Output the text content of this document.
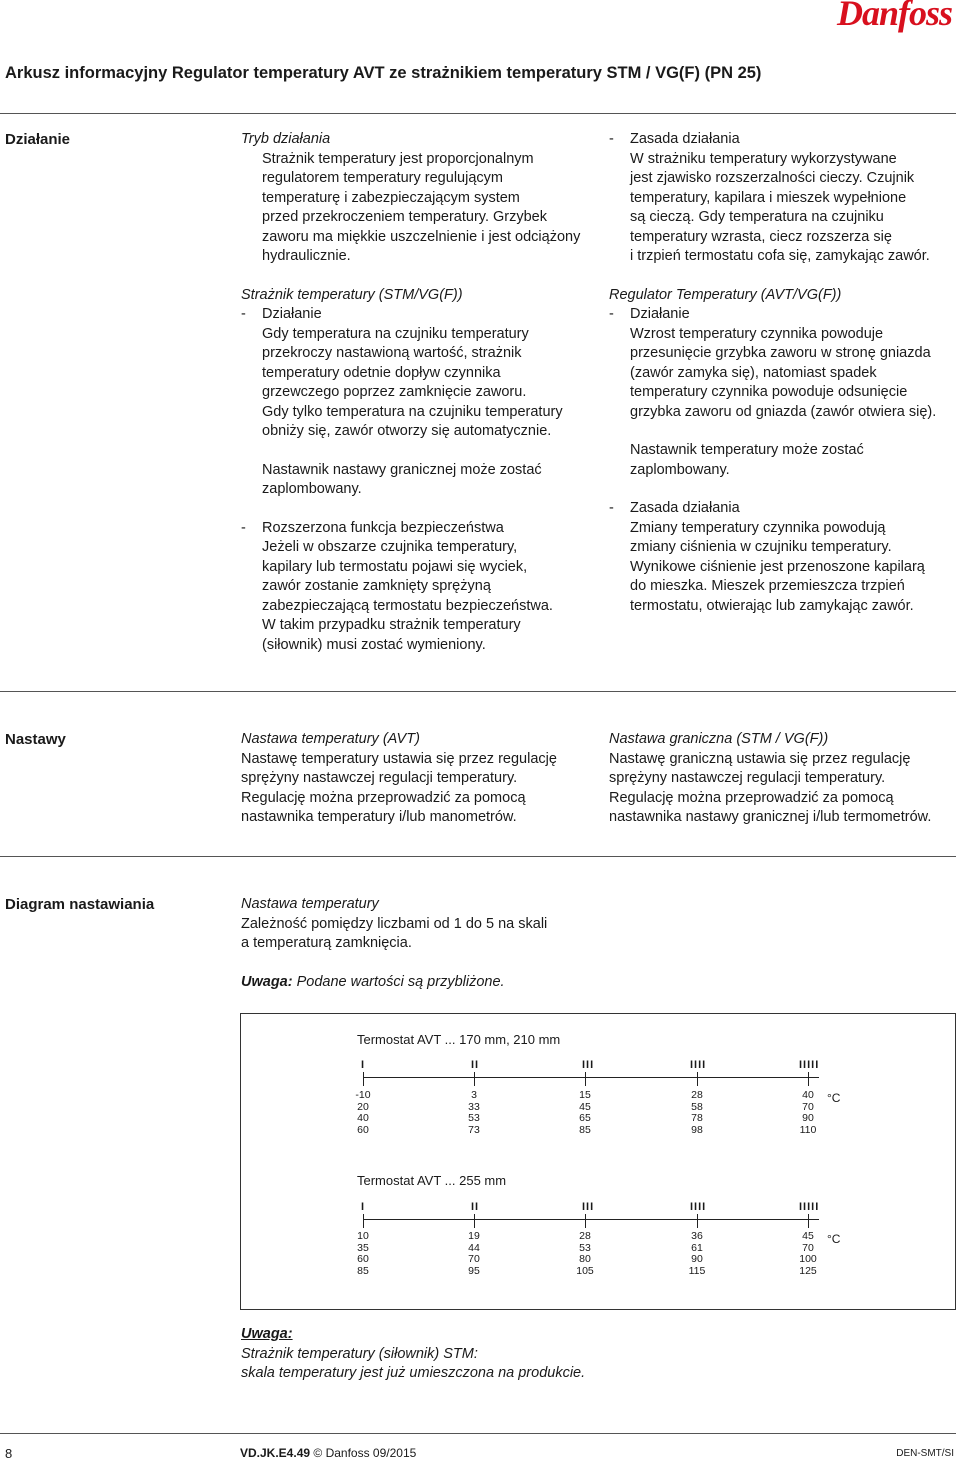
Danfoss
Arkusz informacyjny Regulator temperatury AVT ze strażnikiem temperatury STM / VG(F) (PN 25)
Działanie	Tryb działania

Strażnik temperatury jest proporcjonalnym

regulatorem temperatury regulującym

temperaturę i zabezpieczającym system

przed przekroczeniem temperatury. Grzybek

zaworu ma miękkie uszczelnienie i jest odciążony

hydraulicznie.

Strażnik temperatury (STM/VG(F))

- Działanie

Gdy temperatura na czujniku temperatury

przekroczy nastawioną wartość, strażnik

temperatury odetnie dopływ czynnika

grzewczego poprzez zamknięcie zaworu.

Gdy tylko temperatura na czujniku temperatury

obniży się, zawór otworzy się automatycznie.

Nastawnik nastawy granicznej może zostać

zaplombowany.

- Rozszerzona funkcja bezpieczeństwa

Jeżeli w obszarze czujnika temperatury,

kapilary lub termostatu pojawi się wyciek,

zawór zostanie zamknięty sprężyną

zabezpieczającą termostatu bezpieczeństwa.

W takim przypadku strażnik temperatury

(siłownik) musi zostać wymieniony.

- Zasada działania

W strażniku temperatury wykorzystywane

jest zjawisko rozszerzalności cieczy. Czujnik

temperatury, kapilara i mieszek wypełnione

są cieczą. Gdy temperatura na czujniku

temperatury wzrasta, ciecz rozszerza się

i trzpień termostatu cofa się, zamykając zawór.

Regulator Temperatury (AVT/VG(F))

- Działanie

Wzrost temperatury czynnika powoduje

przesunięcie grzybka zaworu w stronę gniazda

(zawór zamyka się), natomiast spadek

temperatury czynnika powoduje odsunięcie

grzybka zaworu od gniazda (zawór otwiera się).

Nastawnik temperatury może zostać

zaplombowany.

- Zasada działania

Zmiany temperatury czynnika powodują

zmiany ciśnienia w czujniku temperatury.

Wynikowe ciśnienie jest przenoszone kapilarą

do mieszka. Mieszek przemieszcza trzpień

termostatu, otwierając lub zamykając zawór.

Nastawy	Nastawa temperatury (AVT)

Nastawę temperatury ustawia się przez regulację

sprężyny nastawczej regulacji temperatury.

Regulację można przeprowadzić za pomocą

nastawnika temperatury i/lub manometrów.

Nastawa graniczna (STM / VG(F))

Nastawę graniczną ustawia się przez regulację

sprężyny nastawczej regulacji temperatury.

Regulację można przeprowadzić za pomocą

nastawnika nastawy granicznej i/lub termometrów.

Diagram nastawiania	Nastawa temperatury

Zależność pomiędzy liczbami od 1 do 5 na skali

a temperaturą zamknięcia.

Uwaga: Podane wartości są przybliżone.

Termostat AVT ... 170 mm, 210 mm
I	II	III	IIII	IIIII
-10
20
40
60
3
33
53
73
15
45
65
85
28
58
78
98
40
70
90
110
°C
Termostat AVT ... 255 mm
I	II	III	IIII	IIIII
10
35
60
85
19
44
70
95
28
53
80
105
36
61
90
115
45
70
100
125
°C

Uwaga:

Strażnik temperatury (siłownik) STM:

skala temperatury jest już umieszczona na produkcie.

8	VD.JK.E4.49 © Danfoss 09/2015	DEN-SMT/SI
